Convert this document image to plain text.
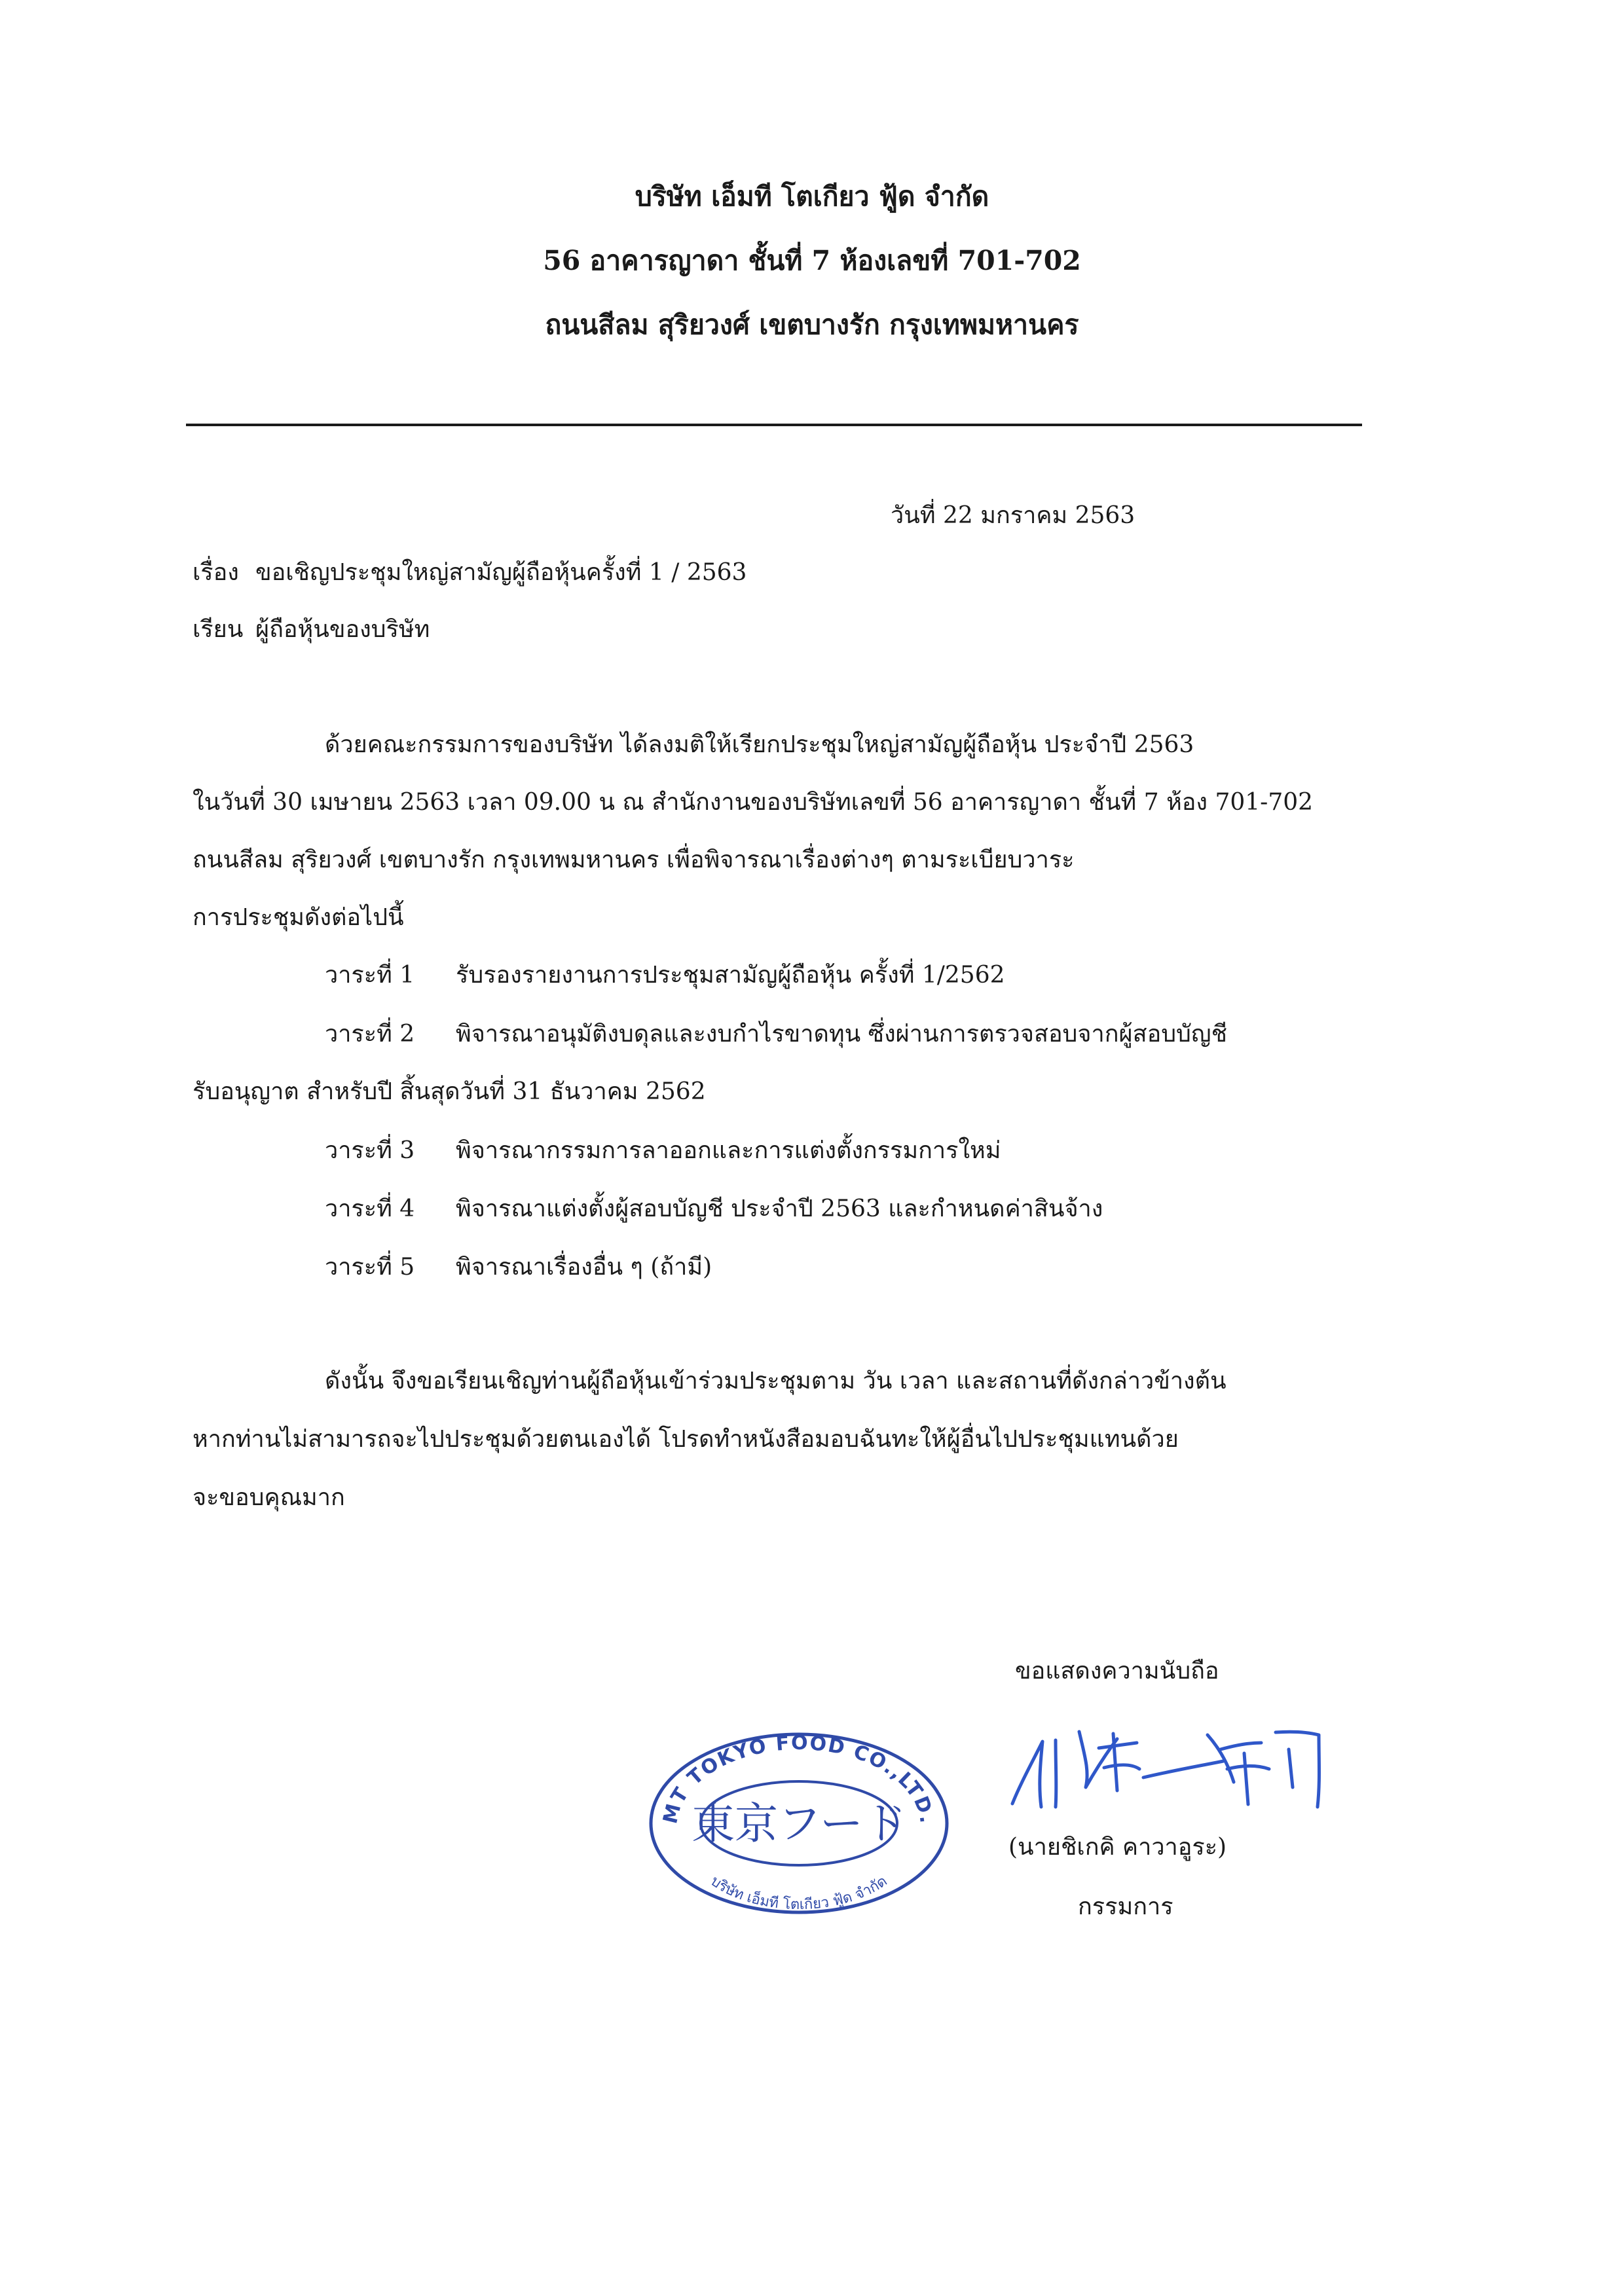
บริษัท เอ็มที โตเกียว ฟู้ด จำกัด
56 อาคารญาดา ชั้นที่ 7 ห้องเลขที่ 701-702
ถนนสีลม สุริยวงศ์ เขตบางรัก กรุงเทพมหานคร
วันที่ 22 มกราคม 2563
เรื่อง ขอเชิญประชุมใหญ่สามัญผู้ถือหุ้นครั้งที่ 1 / 2563
เรียน ผู้ถือหุ้นของบริษัท
ด้วยคณะกรรมการของบริษัท ได้ลงมติให้เรียกประชุมใหญ่สามัญผู้ถือหุ้น ประจำปี 2563
ในวันที่ 30 เมษายน 2563 เวลา 09.00 น ณ สำนักงานของบริษัทเลขที่ 56 อาคารญาดา ชั้นที่ 7 ห้อง 701-702
ถนนสีลม สุริยวงศ์ เขตบางรัก กรุงเทพมหานคร เพื่อพิจารณาเรื่องต่างๆ ตามระเบียบวาระ
การประชุมดังต่อไปนี้
วาระที่ 1 รับรองรายงานการประชุมสามัญผู้ถือหุ้น ครั้งที่ 1/2562
วาระที่ 2 พิจารณาอนุมัติงบดุลและงบกำไรขาดทุน ซึ่งผ่านการตรวจสอบจากผู้สอบบัญชี
รับอนุญาต สำหรับปี สิ้นสุดวันที่ 31 ธันวาคม 2562
วาระที่ 3 พิจารณากรรมการลาออกและการแต่งตั้งกรรมการใหม่
วาระที่ 4 พิจารณาแต่งตั้งผู้สอบบัญชี ประจำปี 2563 และกำหนดค่าสินจ้าง
วาระที่ 5 พิจารณาเรื่องอื่น ๆ (ถ้ามี)
ดังนั้น จึงขอเรียนเชิญท่านผู้ถือหุ้นเข้าร่วมประชุมตาม วัน เวลา และสถานที่ดังกล่าวข้างต้น
หากท่านไม่สามารถจะไปประชุมด้วยตนเองได้ โปรดทำหนังสือมอบฉันทะให้ผู้อื่นไปประชุมแทนด้วย
จะขอบคุณมาก
ขอแสดงความนับถือ
(นายชิเกคิ คาวาอูระ)
กรรมการ
MT TOKYO FOOD CO.,LTD.
東京フード
บริษัท เอ็มที โตเกียว ฟู้ด จำกัด
